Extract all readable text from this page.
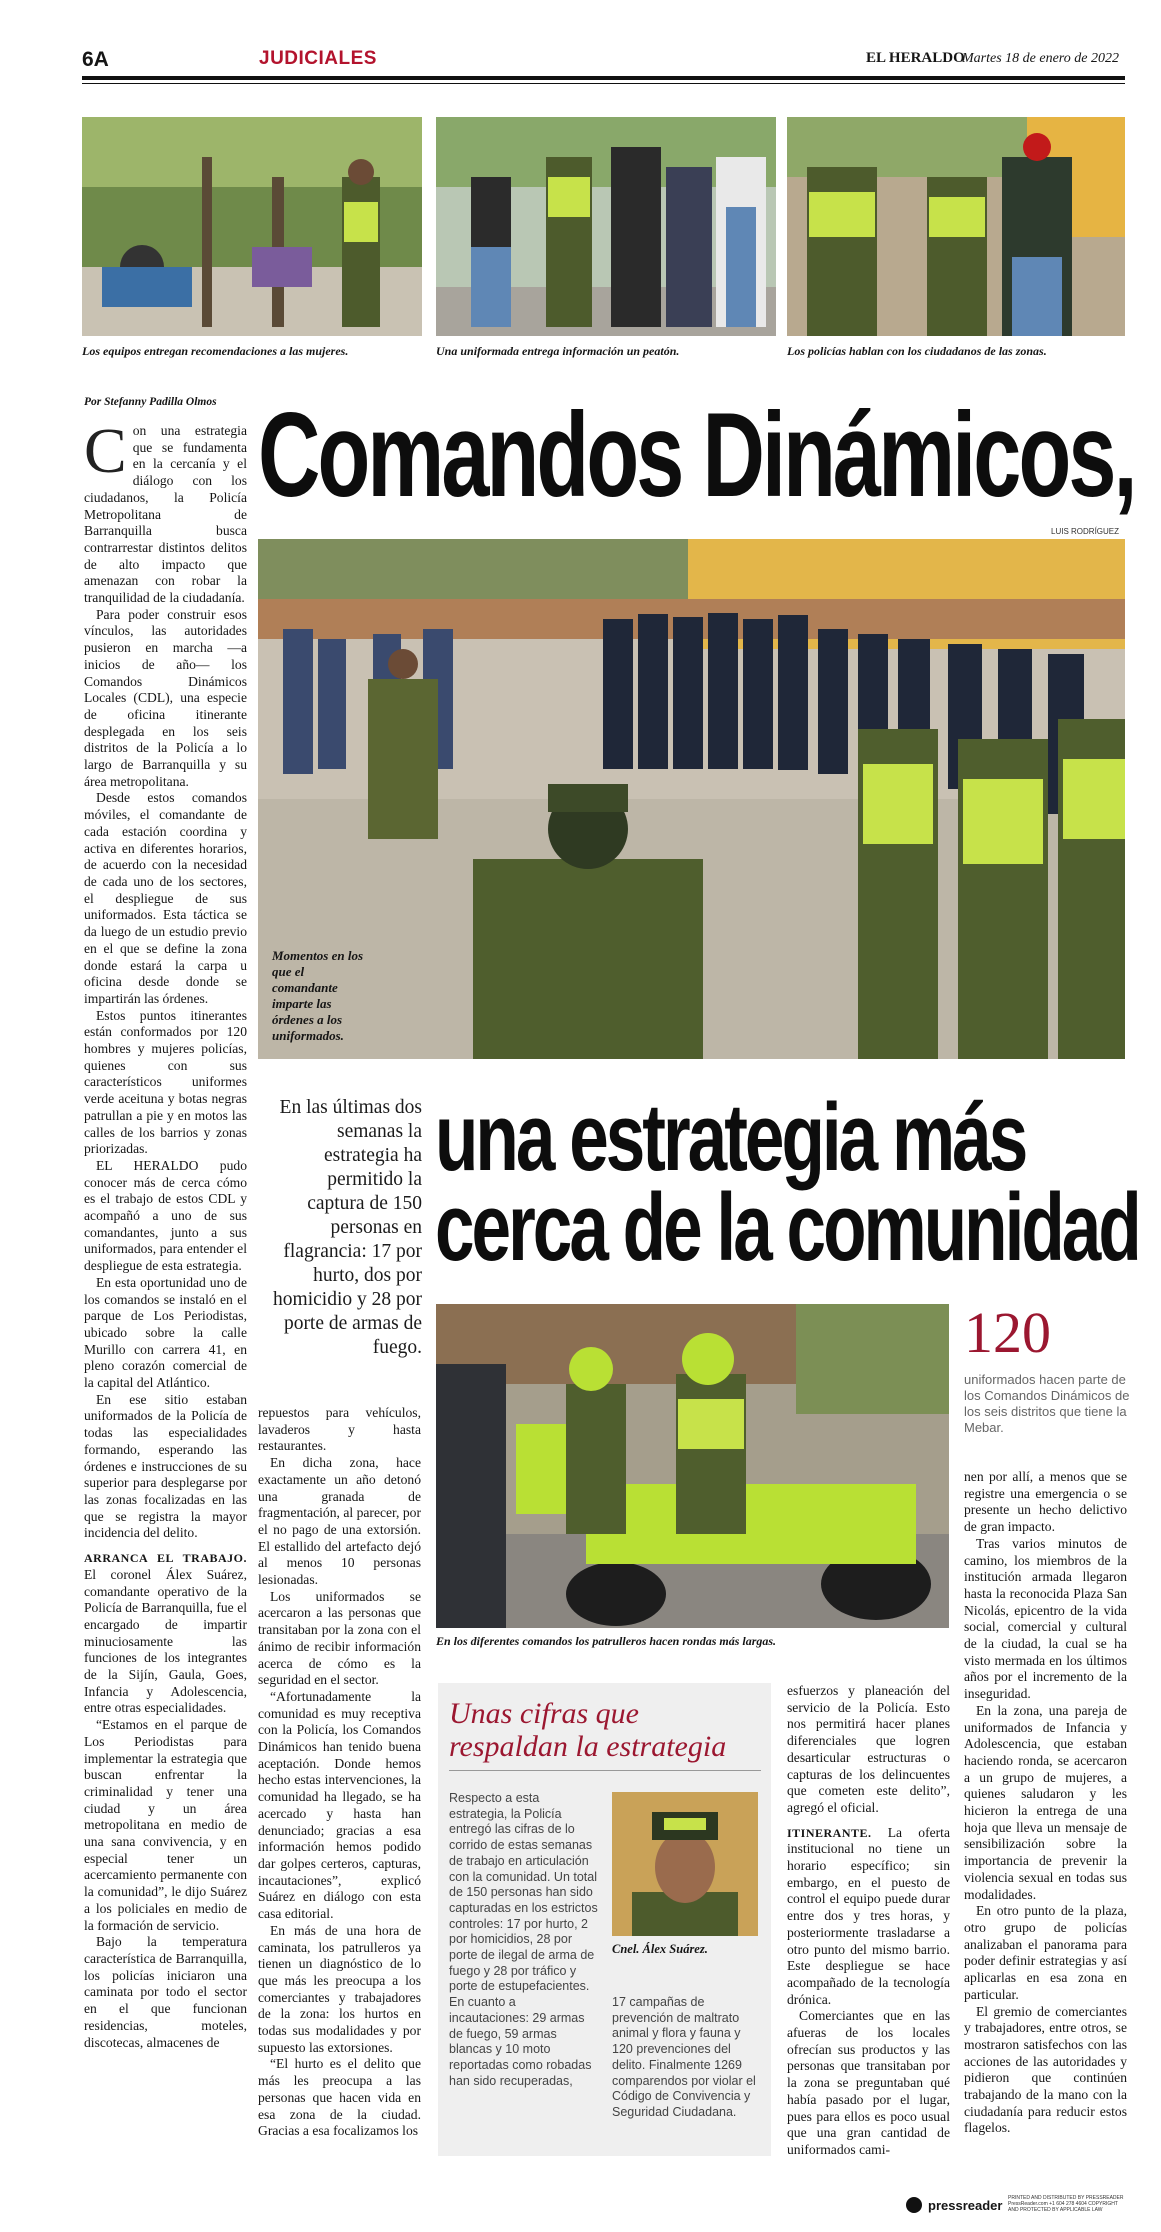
6A	JUDICIALES	EL HERALDO
Martes 18 de enero de 2022
Los equipos entregan recomendaciones a las mujeres.	Una uniformada entrega información un peatón.	Los policías hablan con los ciudadanos de las zonas.
Por Stefanny Padilla Olmos Comandos Dinámicos,
LUIS RODRÍGUEZ
Momentos en los que el comandante imparte las órdenes a los uniformados.
En las últimas dos semanas la estrategia ha permitido la captura de 150 personas en flagrancia: 17 por hurto, dos por homicidio y 28 por porte de armas de fuego.
una estrategia más
cerca de la comunidad
En los diferentes comandos los patrulleros hacen rondas más largas.
120
uniformados hacen parte de los Comandos Dinámicos de los seis distritos que tiene la Mebar.

Con una estrategia que se fundamenta en la cercanía y el diálogo con los ciudadanos, la Policía Metropolitana de Barranquilla busca contrarrestar distintos delitos de alto impacto que amenazan con robar la tranquilidad de la ciudadanía.

Para poder construir esos vínculos, las autoridades pusieron en marcha —a inicios de año— los Comandos Dinámicos Locales (CDL), una especie de oficina itinerante desplegada en los seis distritos de la Policía a lo largo de Barranquilla y su área metropolitana.

Desde estos comandos móviles, el comandante de cada estación coordina y activa en diferentes horarios, de acuerdo con la necesidad de cada uno de los sectores, el despliegue de sus uniformados. Esta táctica se da luego de un estudio previo en el que se define la zona donde estará la carpa u oficina desde donde se impartirán las órdenes.

Estos puntos itinerantes están conformados por 120 hombres y mujeres policías, quienes con sus característicos uniformes verde aceituna y botas negras patrullan a pie y en motos las calles de los barrios y zonas priorizadas.

EL HERALDO pudo conocer más de cerca cómo es el trabajo de estos CDL y acompañó a uno de sus comandantes, junto a sus uniformados, para entender el despliegue de esta estrategia.

En esta oportunidad uno de los comandos se instaló en el parque de Los Periodistas, ubicado sobre la calle Murillo con carrera 41, en pleno corazón comercial de la capital del Atlántico.

En ese sitio estaban uniformados de la Policía de todas las especialidades formando, esperando las órdenes e instrucciones de su superior para desplegarse por las zonas focalizadas en las que se registra la mayor incidencia del delito.

ARRANCA EL TRABAJO. El coronel Álex Suárez, comandante operativo de la Policía de Barranquilla, fue el encargado de impartir minuciosamente las funciones de los integrantes de la Sijín, Gaula, Goes, Infancia y Adolescencia, entre otras especialidades.

“Estamos en el parque de Los Periodistas para implementar la estrategia que buscan enfrentar la criminalidad y tener una ciudad y un área metropolitana en medio de una sana convivencia, y en especial tener un acercamiento permanente con la comunidad”, le dijo Suárez a los policiales en medio de la formación de servicio.

Bajo la temperatura característica de Barranquilla, los policías iniciaron una caminata por todo el sector en el que funcionan residencias, moteles, discotecas, almacenes de

repuestos para vehículos, lavaderos y hasta restaurantes.

En dicha zona, hace exactamente un año detonó una granada de fragmentación, al parecer, por el no pago de una extorsión. El estallido del artefacto dejó al menos 10 personas lesionadas.

Los uniformados se acercaron a las personas que transitaban por la zona con el ánimo de recibir información acerca de cómo es la seguridad en el sector.

“Afortunadamente la comunidad es muy receptiva con la Policía, los Comandos Dinámicos han tenido buena aceptación. Donde hemos hecho estas intervenciones, la comunidad ha llegado, se ha acercado y hasta han denunciado; gracias a esa información hemos podido dar golpes certeros, capturas, incautaciones”, explicó Suárez en diálogo con esta casa editorial.

En más de una hora de caminata, los patrulleros ya tienen un diagnóstico de lo que más les preocupa a los comerciantes y trabajadores de la zona: los hurtos en todas sus modalidades y por supuesto las extorsiones.

“El hurto es el delito que más les preocupa a las personas que hacen vida en esa zona de la ciudad. Gracias a esa focalizamos los

esfuerzos y planeación del servicio de la Policía. Esto nos permitirá hacer planes diferenciales que logren desarticular estructuras o capturas de los delincuentes que cometen este delito”, agregó el oficial.

ITINERANTE. La oferta institucional no tiene un horario específico; sin embargo, en el puesto de control el equipo puede durar entre dos y tres horas, y posteriormente trasladarse a otro punto del mismo barrio. Este despliegue se hace acompañado de la tecnología drónica.

Comerciantes que en las afueras de los locales ofrecían sus productos y las personas que transitaban por la zona se preguntaban qué había pasado por el lugar, pues para ellos es poco usual que una gran cantidad de uniformados cami-

nen por allí, a menos que se registre una emergencia o se presente un hecho delictivo de gran impacto.

Tras varios minutos de camino, los miembros de la institución armada llegaron hasta la reconocida Plaza San Nicolás, epicentro de la vida social, comercial y cultural de la ciudad, la cual se ha visto mermada en los últimos años por el incremento de la inseguridad.

En la zona, una pareja de uniformados de Infancia y Adolescencia, que estaban haciendo ronda, se acercaron a un grupo de mujeres, a quienes saludaron y les hicieron la entrega de una hoja que lleva un mensaje de sensibilización sobre la importancia de prevenir la violencia sexual en todas sus modalidades.

En otro punto de la plaza, otro grupo de policías analizaban el panorama para poder definir estrategias y así aplicarlas en esa zona en particular.

El gremio de comerciantes y trabajadores, entre otros, se mostraron satisfechos con las acciones de las autoridades y pidieron que continúen trabajando de la mano con la ciudadanía para reducir estos flagelos.

Unas cifras que respaldan la estrategia
Respecto a esta estrategia, la Policía entregó las cifras de lo corrido de estas semanas de trabajo en articulación con la comunidad. Un total de 150 personas han sido capturadas en los estrictos controles: 17 por hurto, 2 por homicidios, 28 por porte de ilegal de arma de fuego y 28 por tráfico y porte de estupefacientes. En cuanto a incautaciones: 29 armas de fuego, 59 armas blancas y 10 moto reportadas como robadas han sido recuperadas,
Cnel. Álex Suárez.
17 campañas de prevención de maltrato animal y flora y fauna y 120 prevenciones del delito. Finalmente 1269 comparendos por violar el Código de Convivencia y Seguridad Ciudadana.
pressreader PRINTED AND DISTRIBUTED BY PRESSREADER PressReader.com +1 604 278 4604 COPYRIGHT AND PROTECTED BY APPLICABLE LAW
